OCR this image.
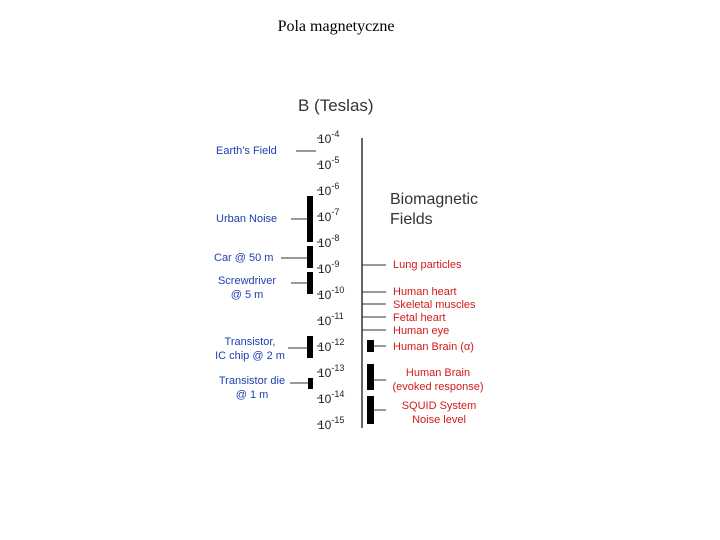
Pola magnetyczne
B (Teslas)
Biomagnetic
Fields
$10^{-4}$
$10^{-5}$
$10^{-6}$
$10^{-7}$
$10^{-8}$
$10^{-9}$
$10^{-10}$
$10^{-11}$
$10^{-12}$
$10^{-13}$
$10^{-14}$
$10^{-15}$
Earth's Field
Urban Noise
Car @ 50 m
Screwdriver
@ 5 m
Transistor,
IC chip @ 2 m
Transistor die
@ 1 m
Lung particles
Human heart
Skeletal muscles
Fetal heart
Human eye
Human Brain (α)
Human Brain
(evoked response)
SQUID System
Noise level
